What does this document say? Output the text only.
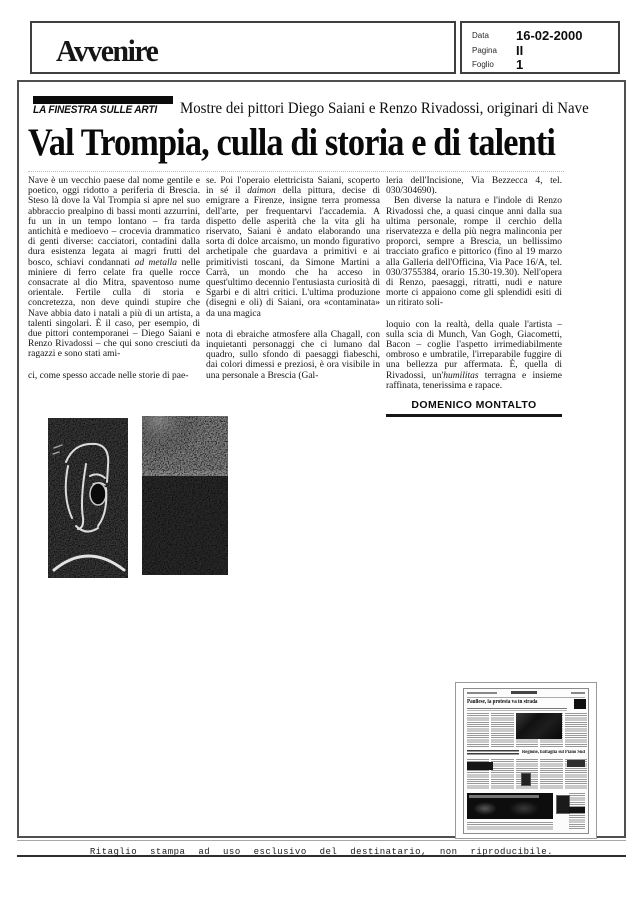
Avvenire	Data 16-02-2000
Pagina II
Foglio 1
LA FINESTRA SULLE ARTI Mostre dei pittori Diego Saiani e Renzo Rivadossi, originari di Nave
Val Trompia, culla di storia e di talenti

Nave è un vecchio paese dal nome gentile e poetico, oggi ridotto a periferia di Brescia. Steso là dove la Val Trompia si apre nel suo abbraccio prealpino di bassi monti azzurrini, fu un in un tempo lontano – fra tarda antichità e medioevo – crocevia drammatico di genti diverse: cacciatori, contadini dalla dura esistenza legata ai magri frutti del bosco, schiavi condannati ad metalla nelle miniere di ferro celate fra quelle rocce consacrate al dio Mitra, spaventoso nume orientale. Fertile culla di storia e concretezza, non deve quindi stupire che Nave abbia dato i natali a più di un artista, a talenti singolari. È il caso, per esempio, di due pittori contemporanei – Diego Saiani e Renzo Rivadossi – che qui sono cresciuti da ragazzi e sono stati ami-

ci, come spesso accade nelle storie di pae-

se. Poi l'operaio elettricista Saiani, scoperto in sé il daimon della pittura, decise di emigrare a Firenze, insigne terra promessa dell'arte, per frequentarvi l'accademia. A dispetto delle asperità che la vita gli ha riservato, Saiani è andato elaborando una sorta di dolce arcaismo, un mondo figurativo archetipale che guardava a primitivi e ai primitivisti toscani, da Simone Martini a Carrà, un mondo che ha acceso in quest'ultimo decennio l'entusiasta curiosità di Sgarbi e di altri critici. L'ultima produzione (disegni e oli) di Saiani, ora «contaminata» da una magica

nota di ebraiche atmosfere alla Chagall, con inquietanti personaggi che ci lumano dal quadro, sullo sfondo di paesaggi fiabeschi, dai colori dimessi e preziosi, è ora visibile in una personale a Brescia (Gal-

leria dell'Incisione, Via Bezzecca 4, tel. 030/304690).

Ben diverse la natura e l'indole di Renzo Rivadossi che, a quasi cinque anni dalla sua ultima personale, rompe il cerchio della riservatezza e della più negra malinconia per proporci, sempre a Brescia, un bellissimo tracciato grafico e pittorico (fino al 19 marzo alla Galleria dell'Officina, Via Pace 16/A, tel. 030/3755384, orario 15.30-19.30). Nell'opera di Renzo, paesaggi, ritratti, nudi e nature morte ci appaiono come gli splendidi esiti di un ritirato soli-

loquio con la realtà, della quale l'artista – sulla scia di Munch, Van Gogh, Giacometti, Bacon – coglie l'aspetto irrimediabilmente ombroso e umbratile, l'irreparabile fuggire di una bellezza pur affermata. È, quella di Rivadossi, un'humilitas terragna e insieme raffinata, tenerissima e rapace.

DOMENICO MONTALTO
Paullese, la protesta va in strada
Regione, battaglia sul Piano Sud
Ritaglio stampa ad uso esclusivo del destinatario, non riproducibile.
